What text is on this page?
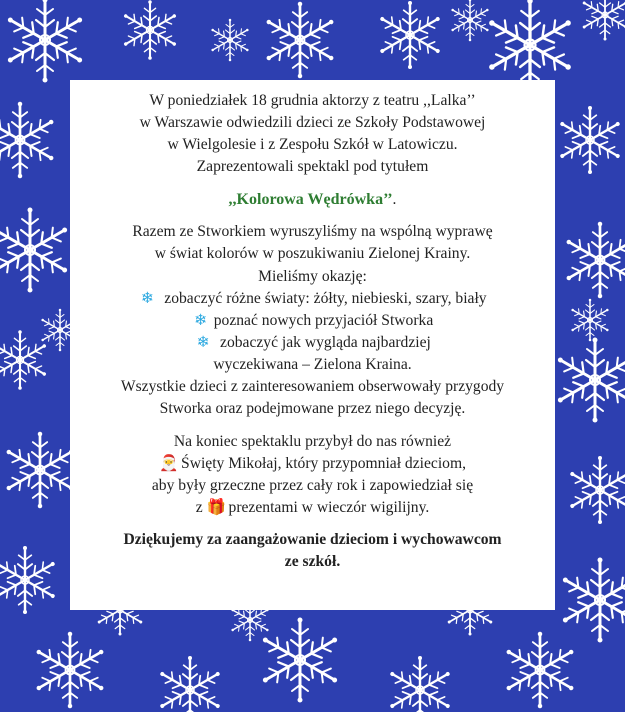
W poniedziałek 18 grudnia aktorzy z teatru ,,Lalka’’

w Warszawie odwiedzili dzieci ze Szkoły Podstawowej

w Wielgolesie i z Zespołu Szkół w Latowiczu.

Zaprezentowali spektakl pod tytułem

,,Kolorowa Wędrówka’’.

Razem ze Stworkiem wyruszyliśmy na wspólną wyprawę

w świat kolorów w poszukiwaniu Zielonej Krainy.

Mieliśmy okazję:

❄ zobaczyć różne światy: żółty, niebieski, szary, biały

❄ poznać nowych przyjaciół Stworka

❄ zobaczyć jak wygląda najbardziej

wyczekiwana – Zielona Kraina.

Wszystkie dzieci z zainteresowaniem obserwowały przygody

Stworka oraz podejmowane przez niego decyzję.

Na koniec spektaklu przybył do nas również

🎅 Święty Mikołaj, który przypomniał dzieciom,

aby były grzeczne przez cały rok i zapowiedział się

z 🎁 prezentami w wieczór wigilijny.

Dziękujemy za zaangażowanie dzieciom i wychowawcom

ze szkół.
